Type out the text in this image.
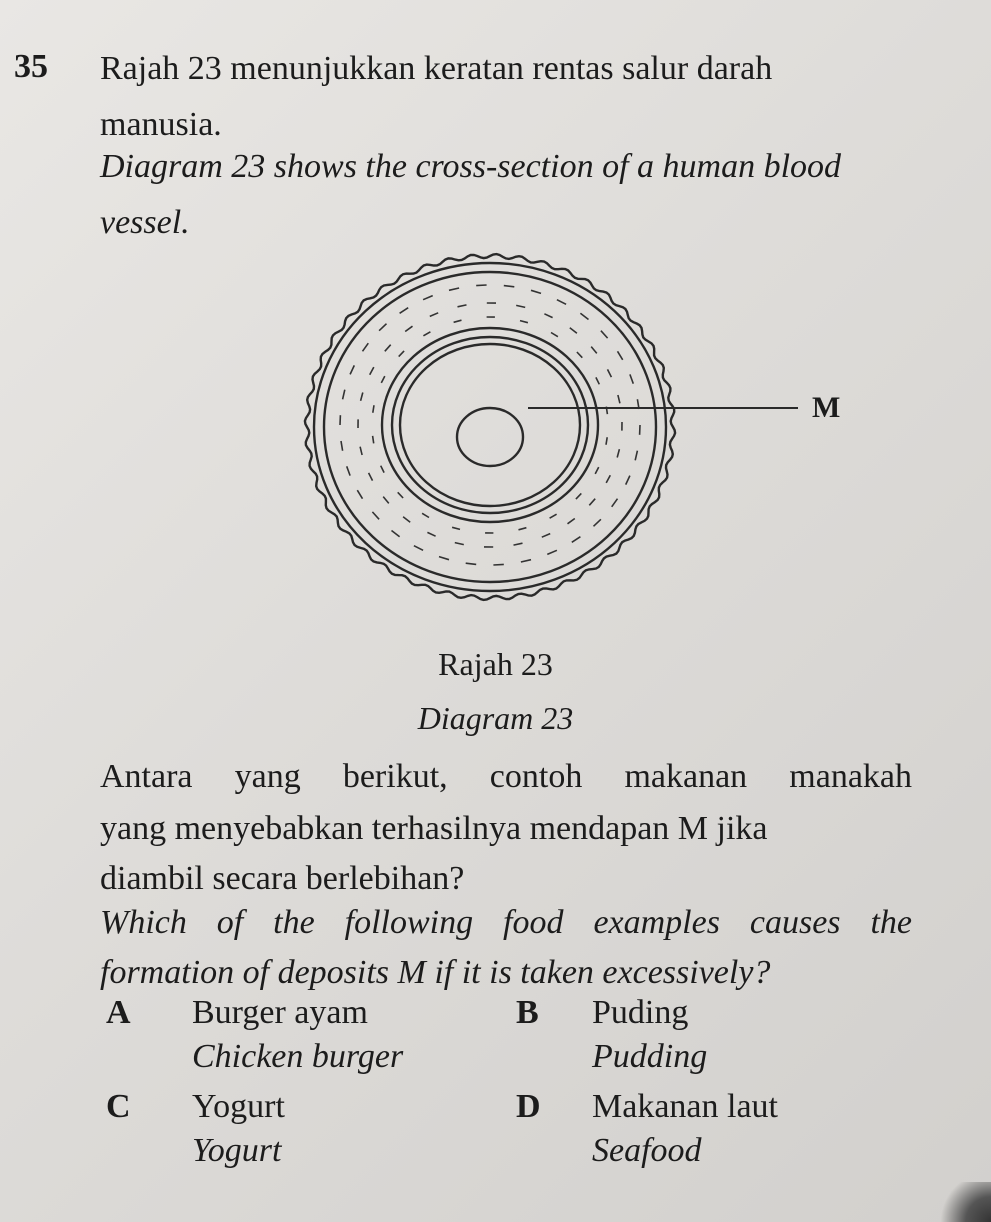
35 Rajah 23 menunjukkan keratan rentas salur darah
manusia.
Diagram 23 shows the cross-section of a human blood
vessel.
M
Rajah 23
Diagram 23
Antara yang berikut, contoh makanan manakah
yang menyebabkan terhasilnya mendapan M jika
diambil secara berlebihan?
Which of the following food examples causes the
formation of deposits M if it is taken excessively?
A Burger ayam
Chicken burger
B Puding
Pudding
C Yogurt
Yogurt
D Makanan laut
Seafood
